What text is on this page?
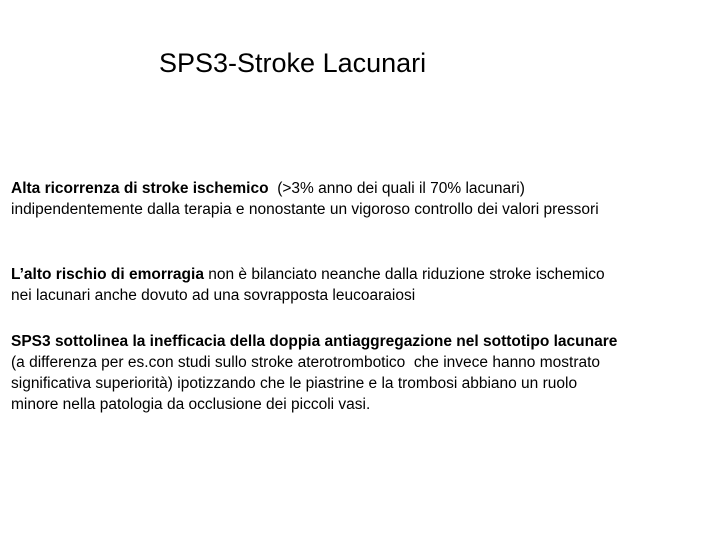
SPS3-Stroke Lacunari

Alta ricorrenza di stroke ischemico  (>3% anno dei quali il 70% lacunari)
indipendentemente dalla terapia e nonostante un vigoroso controllo dei valori pressori

L’alto rischio di emorragia non è bilanciato neanche dalla riduzione stroke ischemico
nei lacunari anche dovuto ad una sovrapposta leucoaraiosi

SPS3 sottolinea la inefficacia della doppia antiaggregazione nel sottotipo lacunare
(a differenza per es.con studi sullo stroke aterotrombotico  che invece hanno mostrato
significativa superiorità) ipotizzando che le piastrine e la trombosi abbiano un ruolo
minore nella patologia da occlusione dei piccoli vasi.
